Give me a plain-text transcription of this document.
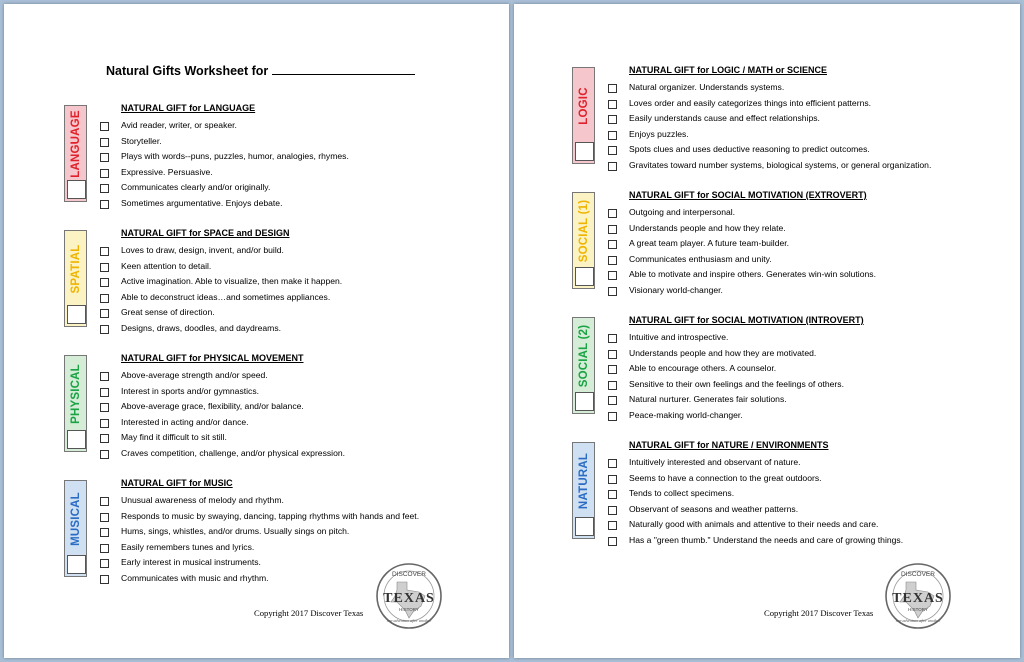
Natural Gifts Worksheet for
LANGUAGE
NATURAL GIFT for LANGUAGE
Avid reader, writer, or speaker.
Storyteller.
Plays with words--puns, puzzles, humor, analogies, rhymes.
Expressive. Persuasive.
Communicates clearly and/or originally.
Sometimes argumentative. Enjoys debate.
SPATIAL
NATURAL GIFT for SPACE and DESIGN
Loves to draw, design, invent, and/or build.
Keen attention to detail.
Active imagination. Able to visualize, then make it happen.
Able to deconstruct ideas…and sometimes appliances.
Great sense of direction.
Designs, draws, doodles, and daydreams.
PHYSICAL
NATURAL GIFT for PHYSICAL MOVEMENT
Above-average strength and/or speed.
Interest in sports and/or gymnastics.
Above-average grace, flexibility, and/or balance.
Interested in acting and/or dance.
May find it difficult to sit still.
Craves competition, challenge, and/or physical expression.
MUSICAL
NATURAL GIFT for MUSIC
Unusual awareness of melody and rhythm.
Responds to music by swaying, dancing, tapping rhythms with hands and feet.
Hums, sings, whistles, and/or drums. Usually sings on pitch.
Easily remembers tunes and lyrics.
Early interest in musical instruments.
Communicates with music and rhythm.
Copyright 2017 Discover Texas
DISCOVER
TEXAS
HISTORY
one adventure after another
LOGIC
NATURAL GIFT for LOGIC / MATH or SCIENCE
Natural organizer. Understands systems.
Loves order and easily categorizes things into efficient patterns.
Easily understands cause and effect relationships.
Enjoys puzzles.
Spots clues and uses deductive reasoning to predict outcomes.
Gravitates toward number systems, biological systems, or general organization.
SOCIAL (1)
NATURAL GIFT for SOCIAL MOTIVATION (EXTROVERT)
Outgoing and interpersonal.
Understands people and how they relate.
A great team player. A future team-builder.
Communicates enthusiasm and unity.
Able to motivate and inspire others. Generates win-win solutions.
Visionary world-changer.
SOCIAL (2)
NATURAL GIFT for SOCIAL MOTIVATION (INTROVERT)
Intuitive and introspective.
Understands people and how they are motivated.
Able to encourage others. A counselor.
Sensitive to their own feelings and the feelings of others.
Natural nurturer. Generates fair solutions.
Peace-making world-changer.
NATURAL
NATURAL GIFT for NATURE / ENVIRONMENTS
Intuitively interested and observant of nature.
Seems to have a connection to the great outdoors.
Tends to collect specimens.
Observant of seasons and weather patterns.
Naturally good with animals and attentive to their needs and care.
Has a "green thumb." Understand the needs and care of growing things.
Copyright 2017 Discover Texas
DISCOVER
TEXAS
HISTORY
one adventure after another
